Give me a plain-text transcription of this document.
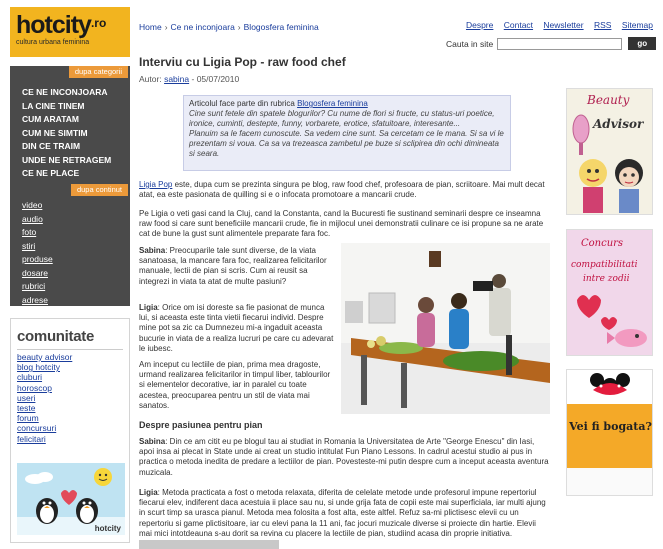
hotcity$^{.ro}$
cultura urbana feminina
dupa categorii
CE NE INCONJOARA
LA CINE TINEM
CUM ARATAM
CUM NE SIMTIM
DIN CE TRAIM
UNDE NE RETRAGEM
CE NE PLACE
dupa continut
video
audio
foto
stiri
produse
dosare
rubrici
adrese
comunitate
beauty advisor
blog hotcity
cluburi
horoscop
useri
teste
forum
concursuri
felicitari
hotcity
Home › Ce ne inconjoara › Blogosfera feminina	Despre Contact Newsletter RSS Sitemap
Cauta in site	go
Interviu cu Ligia Pop - raw food chef
Autor: sabina - 05/07/2010
Articolul face parte din rubrica Blogosfera feminina
Cine sunt fetele din spatele blogurilor? Cu nume de flori si fructe, cu status-uri poetice, ironice, cuminti, destepte, funny, vorbarete, erotice, sfatuitoare, interesante...
Planuim sa le facem cunoscute. Sa vedem cine sunt. Sa cercetam ce le mana. Si sa vi le prezentam si voua. Ca sa va trezeasca zambetul pe buze si sclipirea din ochi dimineata si seara.
Ligia Pop este, dupa cum se prezinta singura pe blog, raw food chef, profesoara de pian, scriitoare. Mai mult decat atat, ea este pasionata de quilling si e o infocata promotoare a mancarii crude.
Pe Ligia o veti gasi cand la Cluj, cand la Constanta, cand la Bucuresti fie sustinand seminarii despre ce inseamna raw food si care sunt beneficiile mancarii crude, fie in mijlocul unei demonstratii culinare ce isi propune sa ne arate cat de bune la gust sunt alimentele preparate fara foc.
Sabina: Preocuparile tale sunt diverse, de la viata sanatoasa, la mancare fara foc, realizarea felicitarilor manuale, lectii de pian si scris. Cum ai reusit sa integrezi in viata ta atat de multe pasiuni?
Ligia: Orice om isi doreste sa fie pasionat de munca lui, si aceasta este tinta vietii fiecarui individ. Despre mine pot sa zic ca Dumnezeu mi-a ingaduit aceasta bucurie in viata de a realiza lucruri pe care cu adevarat le iubesc.
Am inceput cu lectiile de pian, prima mea dragoste, urmand realizarea felicitarilor in timpul liber, tablourilor si elementelor decorative, iar in paralel cu toate acestea, preocuparea pentru un stil de viata mai sanatos.
Despre pasiunea pentru pian
Sabina: Din ce am citit eu pe blogul tau ai studiat in Romania la Universitatea de Arte "George Enescu" din Iasi, apoi insa ai plecat in State unde ai creat un studio intitulat Fun Piano Lessons. In cadrul acestui studio ai pus in practica o metoda inedita de predare a lectiilor de pian. Povesteste-mi putin despre cum a inceput aceasta aventura muzicala.
Ligia: Metoda practicata a fost o metoda relaxata, diferita de celelate metode unde profesorul impune repertoriul fiecarui elev, indiferent daca acestuia ii place sau nu, si unde grija fata de copii este mai superficiala, iar multi ajung in scurt timp sa urasca pianul. Metoda mea folosita a fost alta, este altfel. Refuz sa-mi plictisesc elevii cu un repertoriu si game plictisitoare, iar cu elevi pana la 11 ani, fac jocuri muzicale diverse si proiecte din hartie. Elevii mai mici intotdeauna s-au dorit sa revina cu placere la lectiile de pian, studiind acasa din proprie initiativa.
Beauty
Advisor
Concurs
compatibilitati
intre zodii
Vei fi bogata?
